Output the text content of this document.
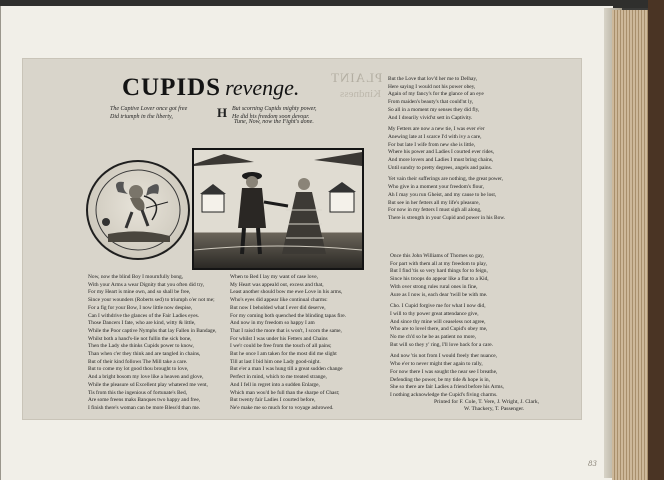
PLAINT
Kindness
CUPIDS revenge.
The Captive Lover once got free
Did triumph in the liberty,	H But scorning Cupids mighty power,
He did his freedom soon devour.
Tune, Now, now the Fight's done.

Now, now the blind Boy I mournfully bong,

With your Arms a wear Dignity that you often did try,

For my Heart is mine own, and so shall be free,

Since your wounders (Roberts sed) to triumph o'er not me;

For a fig for your Bow, I now little now despise,

Can I withdrive the glances of the Fair Ladies eyes.

Those Dancers I fate, who are kind, witty & little,

While the Poor captive Nymphs that lay Fallen in Bandage,

Whilst both a hand's-lie not fullin the sick bone,

Then the Lady she thinks Cupids power to know,

Than when c'er they think and are tangled in chains,

But of their kind follows The Mill take a care.

But to come my lot good thou brought to love,

And a bright bosom my love like a heaven and glove,

While the pleasure sd Excellent play whatered me vent,

Tis from this the ingenious of fortunate's Bed,

Are some freens maks Banques two happy and free,

I finish there's woman can be more Bless'd than me.

When to Bed I lay my want of case love,

My Heart was appeald out, excess and that,

Least another should bow me ewe Love in his arms,

Who's eyes did appear like continual charms:

But now I beholded what I ever did deserve,

For my coming both quenched the blinding tapas fire.

And now in my freedom so happy I am

That I raisd the more that is won't, I scorn the same,

For whilst I was under his Fetters and Chains

I we'r could be free from the touch of all pains;

But he once I am taken for the most did me slight

Till at last I bid him one Lady good-night.

But e'er a man I was hung till a great sudden change

Perfect in mind, which to me treated strange,

And I fell in regret into a sudden Enlarge,

Which man wou'd be full than the sharpe of Chast;

But twenty fair Ladies I courted before,

Ne'e make me so much for to voyage ashrowed.

But the Love that lov'd her me to Delhay,

Here saying I would not his power obey,

Again of my fancy's for the glance of an eye

From maiden's beauty's that could'nt ly,

So all in a moment my senses they did fly,

And I drearily vivid'st sett in Captivity.

My Fetters are now a new tie, I was ever e'er

Anewing late at I scarce I'd with ivy a care,

For but late I wife from new she is little,

Where his power and Ladies I courted ever rides,

And more lovers and Ladies I must bring chains,

Until sundry to pretty degrees, angels and pains.

Yet vain their sufferings are nothing, the great power,

Who give in a moment your freedom's flour,

Ah I may you run Gheist, and my cause to be lost,

But see in her fetters all my life's pleasure,

For now in my fetters I must sigh all along,

There is strength in your Cupid and power in his Bow.

Once this John Williams of Thornes so gay,

For part with them all at my freedom to play,

But I find 'tis so very hard things for to feign,

Since his troops do appear like a flat to a Kid,

With over strong rules rural ones in fine,

Aure as I now is, each dear 'twill be with me.

Cho. I Cupid forgive me for what I now did,

I will to thy power great attendance give,

And since thy mine will ceaseless not agree,

Who are to lovel there, and Cupid's obey me,

No me ch'd so he be as patient no more,

But will so they y' ring, I'll love back for a care.

And now 'tis not from I would freely ther nuance,

Who e'er to never might ther again to rally,

For now there I was sought the near see I breathe,

Defending the power, be my tide & hope is in,

She so there are fair Ladies a friend before his Arms,

I nothing acknowledge the Cupid's fiving charms.

Printed for F. Cole, T. Vere, J. Wright, J. Clark,
W. Thackery, T. Passenger.
83
